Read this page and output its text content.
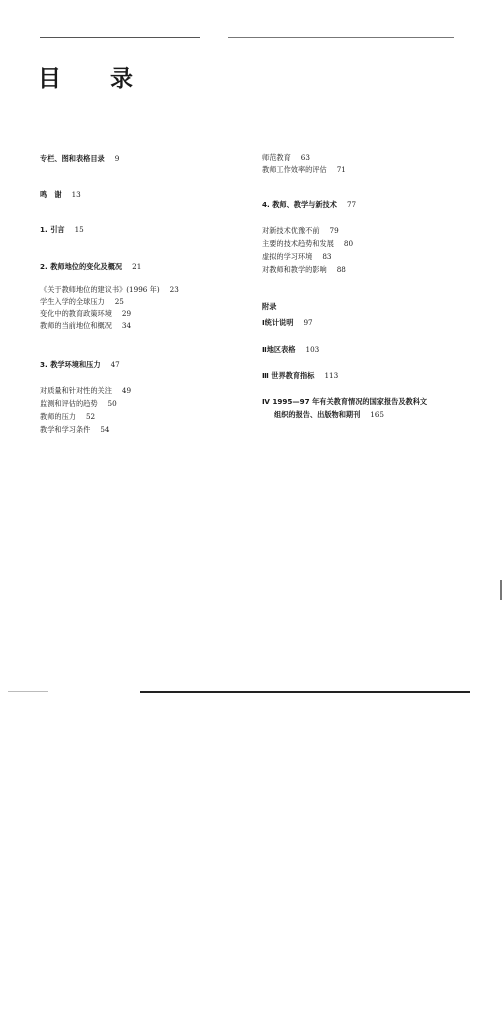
目 录
专栏、图和表格目录 9
鸣　谢 13
1. 引言 15
2. 教师地位的变化及概况 21
《关于教师地位的建议书》(1996 年) 23
学生入学的全球压力 25
变化中的教育政策环境 29
教师的当前地位和概况 34
3. 教学环境和压力 47
对质量和针对性的关注 49
监测和评估的趋势 50
教师的压力 52
教学和学习条件 54
师范教育 63
教师工作效率的评估 71
4. 教师、教学与新技术 77
对新技术优豫不前 79
主要的技术趋势和发展 80
虚拟的学习环境 83
对教师和教学的影响 88
附录
Ⅰ统计说明 97
Ⅱ地区表格 103
Ⅲ 世界教育指标 113
Ⅳ 1995—97 年有关教育情况的国家报告及教科文
组织的报告、出版物和期刊 165
